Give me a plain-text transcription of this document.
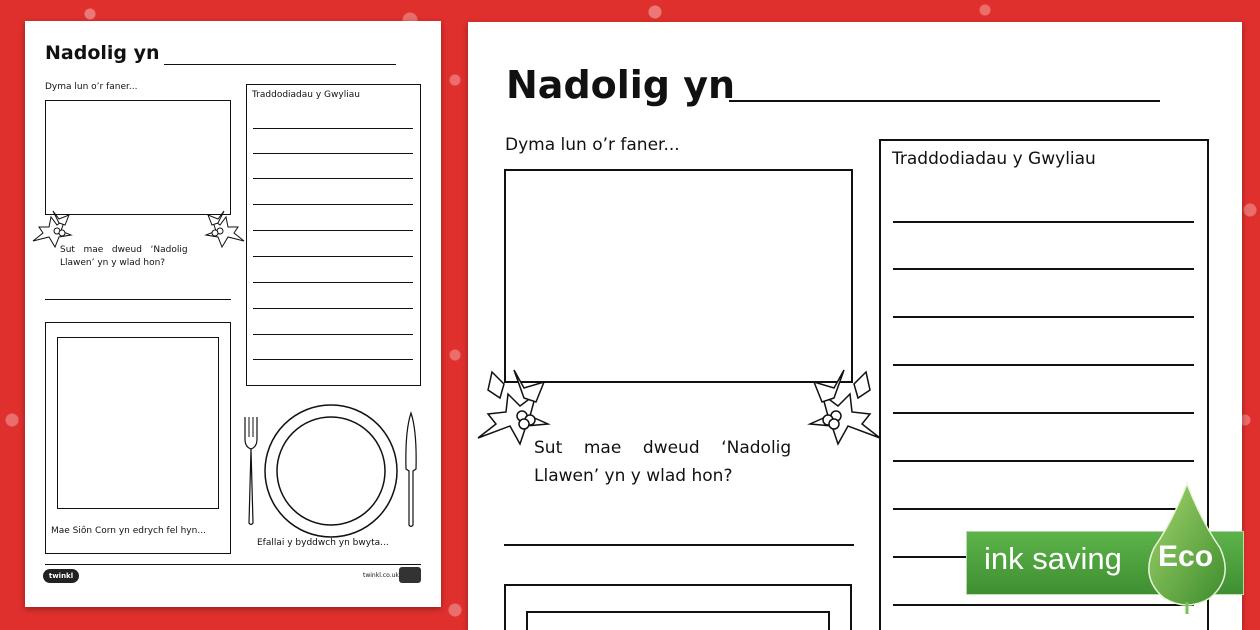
Nadolig yn
Dyma lun o’r faner...
Sut   mae   dweud   ‘Nadolig Llawen’ yn y wlad hon?
Traddodiadau y Gwyliau
Mae Siôn Corn yn edrych fel hyn...
Efallai y byddwch yn bwyta...
twinkl	twinkl.co.uk
Nadolig yn
Dyma lun o’r faner...
Sut    mae    dweud    ‘Nadolig
Llawen’ yn y wlad hon?
Traddodiadau y Gwyliau
ink saving Eco
